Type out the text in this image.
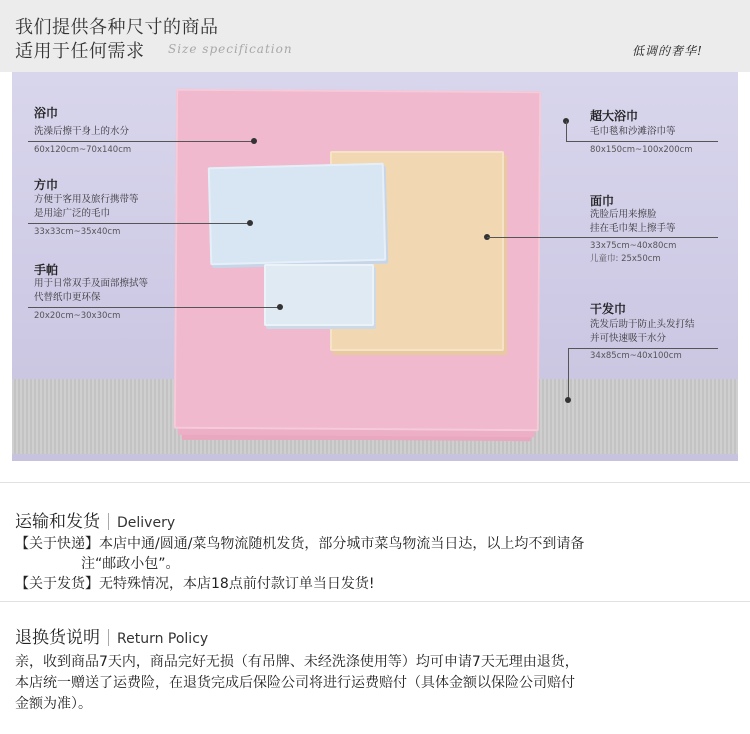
我们提供各种尺寸的商品
适用于任何需求 Size specification	低调的奢华!
浴巾
洗澡后擦干身上的水分
60x120cm~70x140cm
方巾
方便于客用及旅行携带等
是用途广泛的毛巾
33x33cm~35x40cm
手帕
用于日常双手及面部擦拭等
代替纸巾更环保
20x20cm~30x30cm
超大浴巾
毛巾毯和沙滩浴巾等
80x150cm~100x200cm
面巾
洗脸后用来擦脸
挂在毛巾架上擦手等
33x75cm~40x80cm
儿童巾: 25x50cm
干发巾
洗发后助于防止头发打结
并可快速吸干水分
34x85cm~40x100cm
运输和发货 Delivery
【关于快递】本店中通/圆通/菜鸟物流随机发货，部分城市菜鸟物流当日达，以上均不到请备
注“邮政小包”。
【关于发货】无特殊情况，本店18点前付款订单当日发货!
退换货说明 Return Policy
亲，收到商品7天内，商品完好无损（有吊牌、未经洗涤使用等）均可申请7天无理由退货，
本店统一赠送了运费险，在退货完成后保险公司将进行运费赔付（具体金额以保险公司赔付
金额为准）。
